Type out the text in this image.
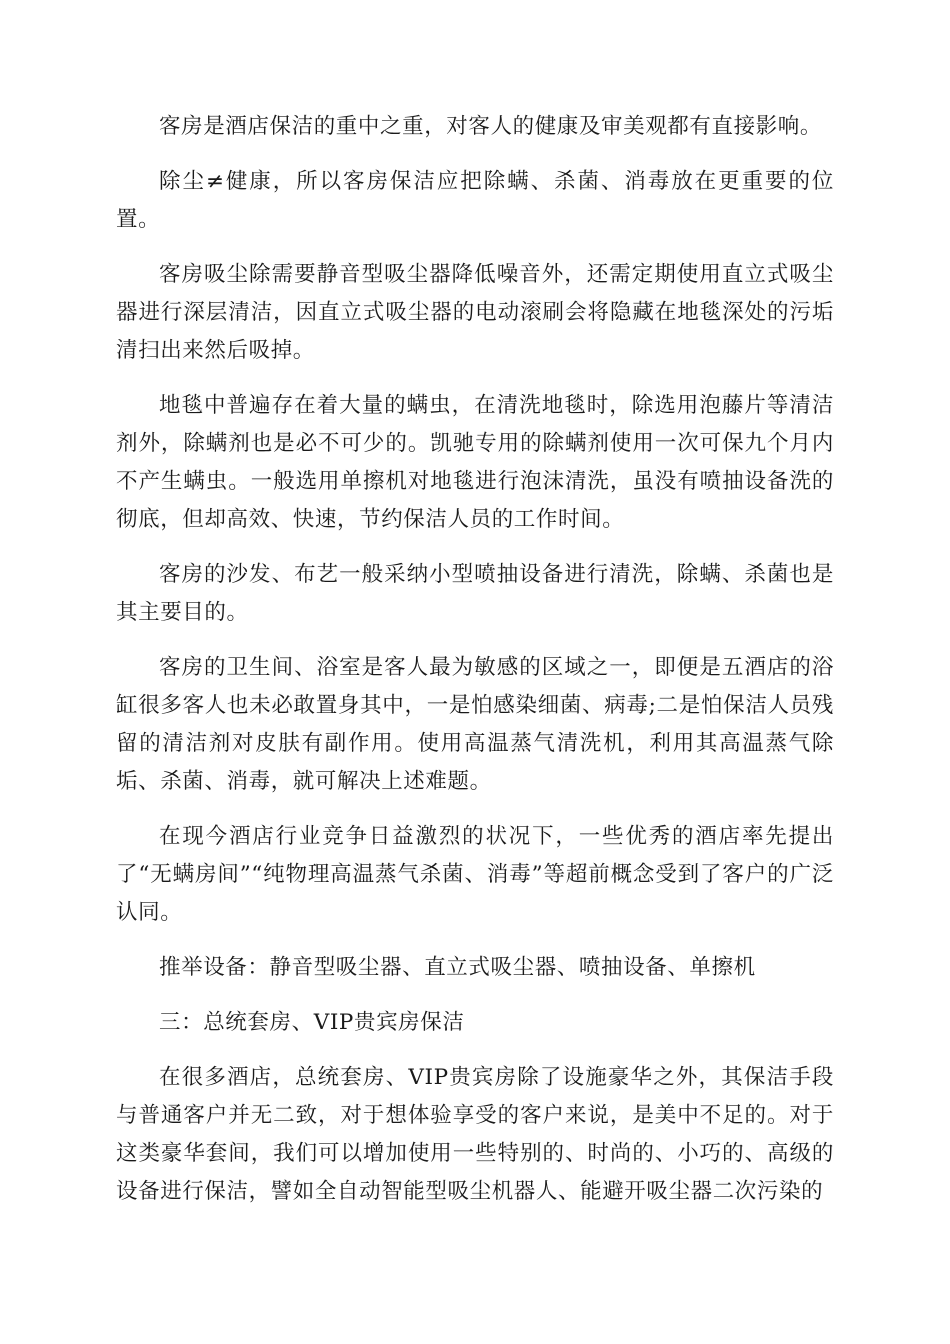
客房是酒店保洁的重中之重，对客人的健康及审美观都有直接影响。

除尘≠健康，所以客房保洁应把除螨、杀菌、消毒放在更重要的位置。

客房吸尘除需要静音型吸尘器降低噪音外，还需定期使用直立式吸尘器进行深层清洁，因直立式吸尘器的电动滚刷会将隐藏在地毯深处的污垢清扫出来然后吸掉。

地毯中普遍存在着大量的螨虫，在清洗地毯时，除选用泡藤片等清洁剂外，除螨剂也是必不可少的。凯驰专用的除螨剂使用一次可保九个月内不产生螨虫。一般选用单擦机对地毯进行泡沫清洗，虽没有喷抽设备洗的彻底，但却高效、快速，节约保洁人员的工作时间。

客房的沙发、布艺一般采纳小型喷抽设备进行清洗，除螨、杀菌也是其主要目的。

客房的卫生间、浴室是客人最为敏感的区域之一，即便是五酒店的浴缸很多客人也未必敢置身其中，一是怕感染细菌、病毒;二是怕保洁人员残留的清洁剂对皮肤有副作用。使用高温蒸气清洗机，利用其高温蒸气除垢、杀菌、消毒，就可解决上述难题。

在现今酒店行业竞争日益激烈的状况下，一些优秀的酒店率先提出了“无螨房间”“纯物理高温蒸气杀菌、消毒”等超前概念受到了客户的广泛认同。

推举设备：静音型吸尘器、直立式吸尘器、喷抽设备、单擦机

三：总统套房、VIP贵宾房保洁

在很多酒店，总统套房、VIP贵宾房除了设施豪华之外，其保洁手段与普通客户并无二致，对于想体验享受的客户来说，是美中不足的。对于这类豪华套间，我们可以增加使用一些特别的、时尚的、小巧的、高级的设备进行保洁，譬如全自动智能型吸尘机器人、能避开吸尘器二次污染的
